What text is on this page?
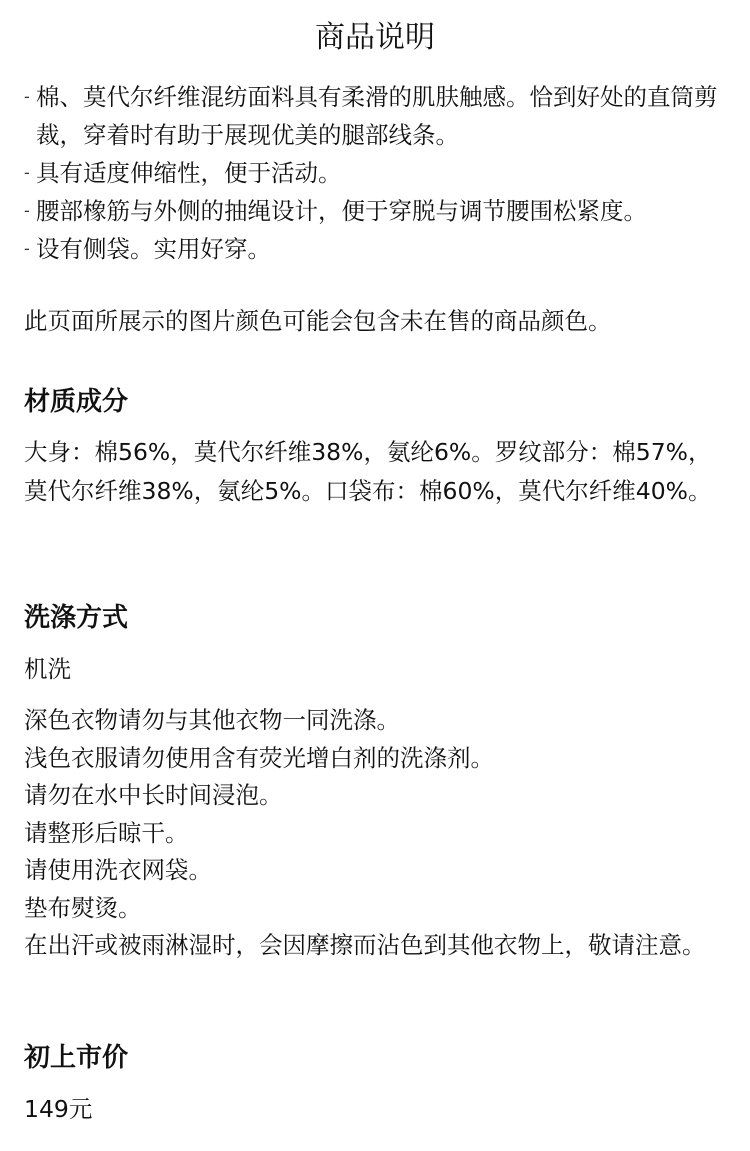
商品说明
- 棉、莫代尔纤维混纺面料具有柔滑的肌肤触感。恰到好处的直筒剪裁，穿着时有助于展现优美的腿部线条。
- 具有适度伸缩性，便于活动。
- 腰部橡筋与外侧的抽绳设计，便于穿脱与调节腰围松紧度。
- 设有侧袋。实用好穿。

此页面所展示的图片颜色可能会包含未在售的商品颜色。

材质成分

大身：棉56%，莫代尔纤维38%，氨纶6%。罗纹部分：棉57%，莫代尔纤维38%，氨纶5%。口袋布：棉60%，莫代尔纤维40%。

洗涤方式

机洗

深色衣物请勿与其他衣物一同洗涤。
浅色衣服请勿使用含有荧光增白剂的洗涤剂。
请勿在水中长时间浸泡。
请整形后晾干。
请使用洗衣网袋。
垫布熨烫。
在出汗或被雨淋湿时，会因摩擦而沾色到其他衣物上，敬请注意。
初上市价

149元
